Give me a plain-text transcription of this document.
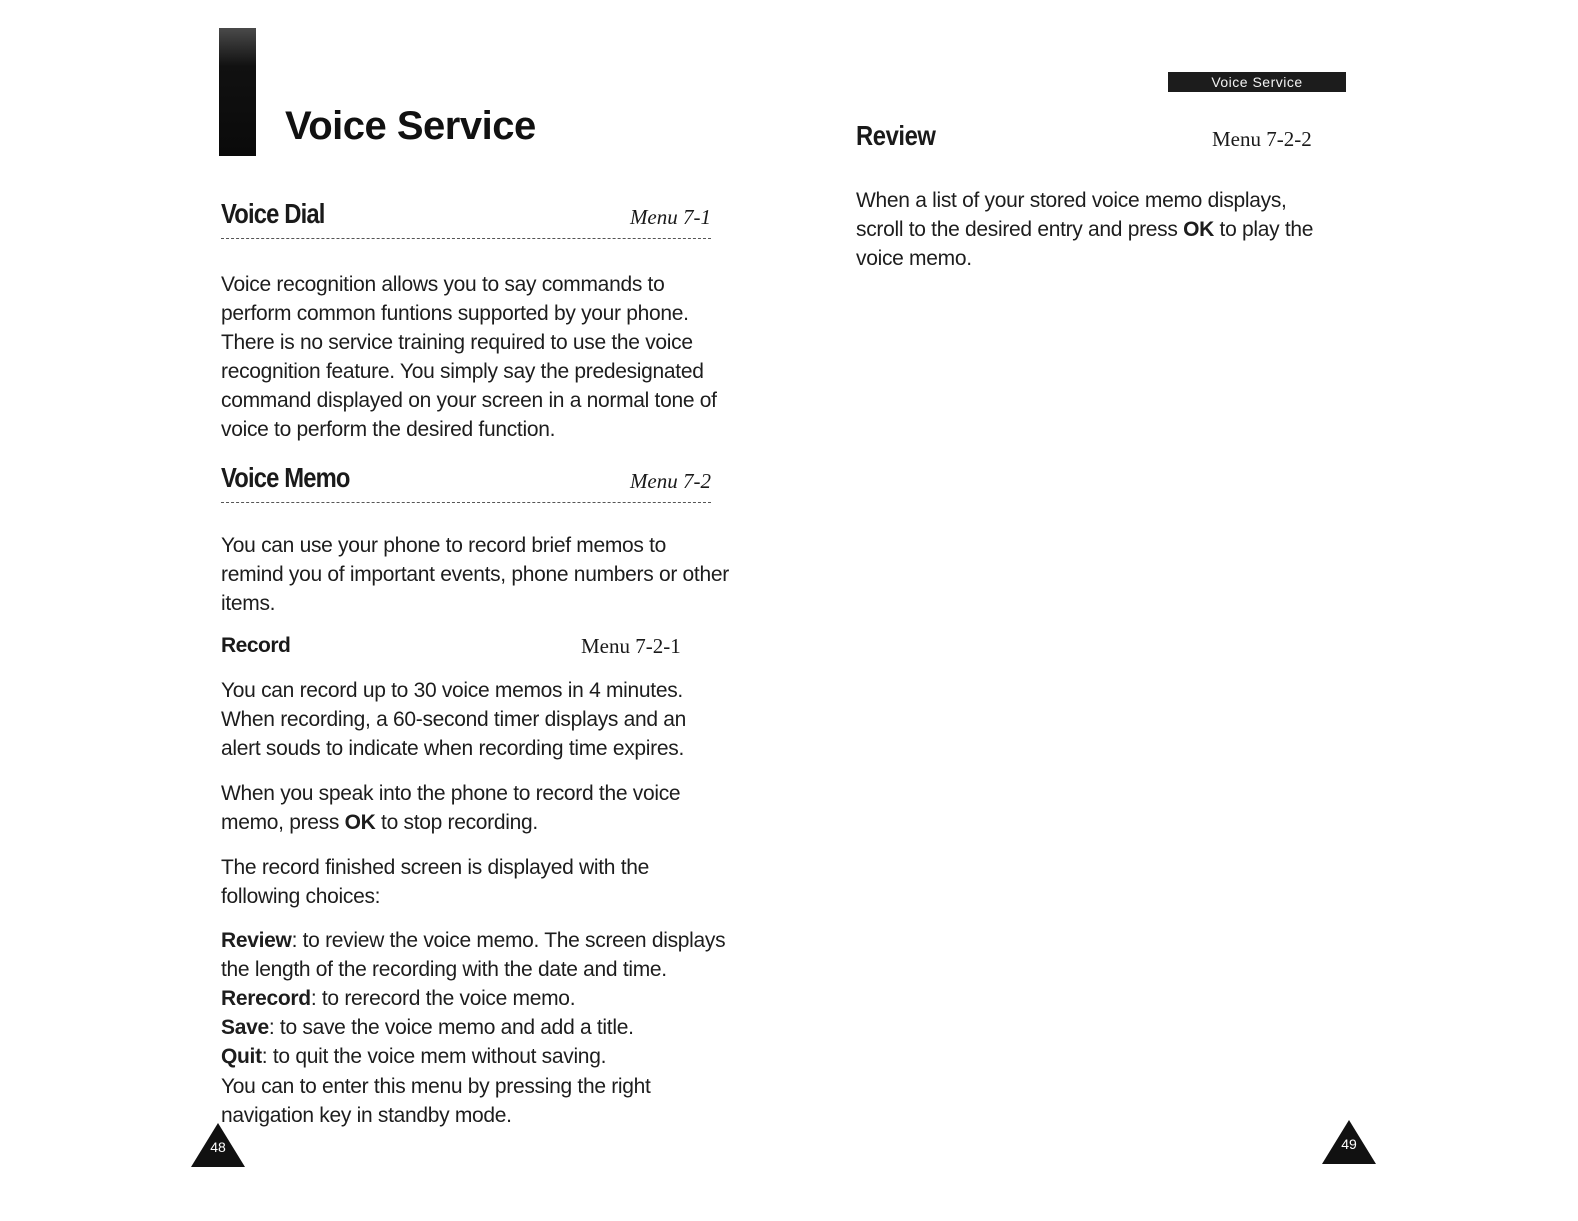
Voice Service
Voice Dial	Menu 7-1

Voice recognition allows you to say commands to
perform common funtions supported by your phone.
There is no service training required to use the voice
recognition feature. You simply say the predesignated
command displayed on your screen in a normal tone of
voice to perform the desired function.

Voice Memo	Menu 7-2

You can use your phone to record brief memos to
remind you of important events, phone numbers or other
items.

Record	Menu 7-2-1

You can record up to 30 voice memos in 4 minutes.
When recording, a 60-second timer displays and an
alert souds to indicate when recording time expires.

When you speak into the phone to record the voice
memo, press OK to stop recording.

The record finished screen is displayed with the
following choices:

Review: to review the voice memo. The screen displays
the length of the recording with the date and time.
Rerecord: to rerecord the voice memo.
Save: to save the voice memo and add a title.
Quit: to quit the voice mem without saving.

You can to enter this menu by pressing the right
navigation key in standby mode.

48
Voice Service
Review	Menu 7-2-2

When a list of your stored voice memo displays,
scroll to the desired entry and press OK to play the
voice memo.

49
